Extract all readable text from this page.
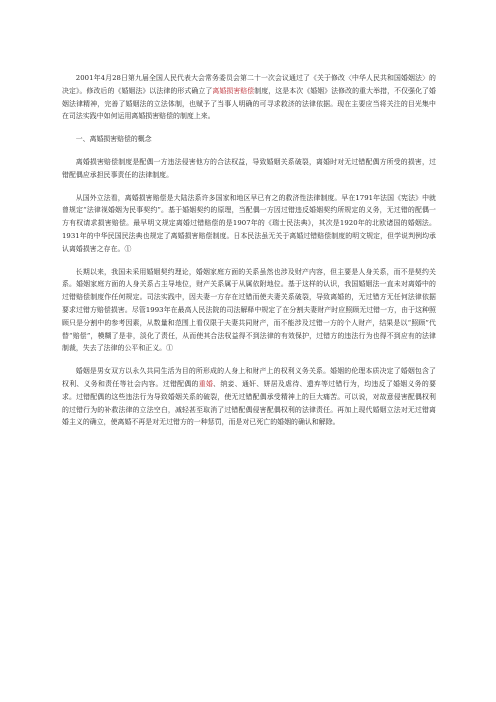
2001年4月28日第九届全国人民代表大会常务委员会第二十一次会议通过了《关于修改〈中华人民共和国婚姻法〉的决定》。修改后的《婚姻法》以法律的形式确立了离婚损害赔偿制度，这是本次《婚姻》法修改的重大举措，不仅强化了婚姻法律精神，完善了婚姻法的立法体制，也赋予了当事人明确的可寻求救济的法律依据。现在主要应当将关注的目光集中在司法实践中如何运用离婚损害赔偿的制度上来。

一、离婚损害赔偿的概念

离婚损害赔偿制度是配偶一方违法侵害他方的合法权益，导致婚姻关系破裂，离婚时对无过错配偶方所受的损害，过错配偶应承担民事责任的法律制度。

从国外立法看，离婚损害赔偿是大陆法系许多国家和地区早已有之的救济性法律制度。早在1791年法国《宪法》中就曾规定“法律视婚姻为民事契约”。基于婚姻契约的原理，当配偶一方因过错违反婚姻契约所规定的义务，无过错的配偶一方有权请求损害赔偿。最早明文规定离婚过错赔偿的是1907年的《瑞士民法典》，其次是1920年的北欧诸国的婚姻法。1931年的中华民国民法典也规定了离婚损害赔偿制度。日本民法虽无关于离婚过错赔偿制度的明文规定，但学说判例均承认离婚损害之存在。①

长期以来，我国未采用婚姻契约理论，婚姻家庭方面的关系虽然也涉及财产内容，但主要是人身关系，而不是契约关系。婚姻家庭方面的人身关系占主导地位，财产关系属于从属依附地位。基于这样的认识，我国婚姻法一直未对离婚中的过错赔偿制度作任何规定。司法实践中，因夫妻一方存在过错而使夫妻关系破裂，导致离婚的，无过错方无任何法律依据要求过错方赔偿损害。尽管1993年在最高人民法院的司法解释中规定了在分割夫妻财产时应照顾无过错一方，由于这种照顾只是分割中的参考因素，从数量和范围上看仅限于夫妻共同财产，而不能涉及过错一方的个人财产，结果是以“照顾”代替“赔偿”，模糊了是非，淡化了责任，从而使其合法权益得不到法律的有效保护，过错方的违法行为也得不到应有的法律制裁，失去了法律的公平和正义。①

婚姻是男女双方以永久共同生活为目的所形成的人身上和财产上的权利义务关系。婚姻的伦理本质决定了婚姻包含了权利、义务和责任等社会内容。过错配偶的重婚、纳妾、通奸、姘居及虐待、遗弃等过错行为，均违反了婚姻义务的要求。过错配偶的这些违法行为导致婚姻关系的破裂，使无过错配偶承受精神上的巨大痛苦。可以说，对故意侵害配偶权利的过错行为的补救法律的立法空白，减轻甚至取消了过错配偶侵害配偶权利的法律责任。再加上现代婚姻立法对无过错离婚主义的确立，使离婚不再是对无过错方的一种惩罚，而是对已死亡的婚姻的确认和解除。
